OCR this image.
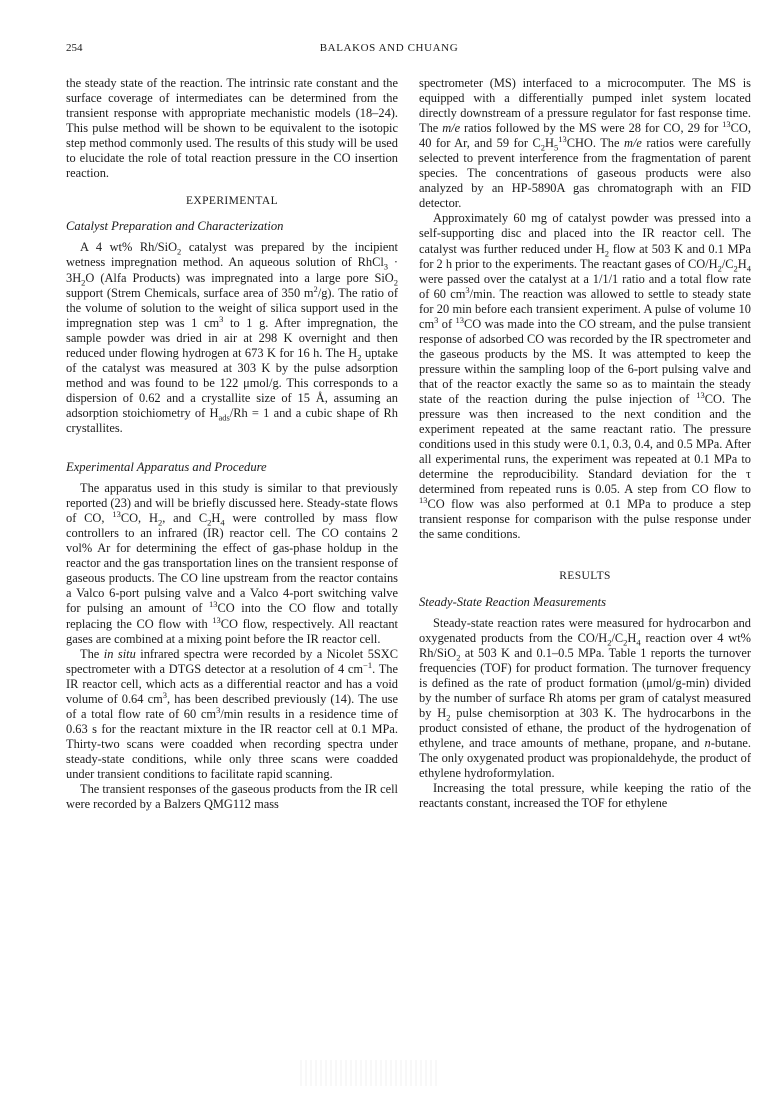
254	BALAKOS AND CHUANG

the steady state of the reaction. The intrinsic rate constant and the surface coverage of intermediates can be determined from the transient response with appropriate mechanistic models (18–24). This pulse method will be shown to be equivalent to the isotopic step method commonly used. The results of this study will be used to elucidate the role of total reaction pressure in the CO insertion reaction.

EXPERIMENTAL
Catalyst Preparation and Characterization

A 4 wt% Rh/SiO$_2$ catalyst was prepared by the incipient wetness impregnation method. An aqueous solution of RhCl$_3$ · $3H_2O$ (Alfa Products) was impregnated into a large pore SiO$_2$ support (Strem Chemicals, surface area of 350 $m^2/g$). The ratio of the volume of solution to the weight of silica support used in the impregnation step was 1 $cm^3$ to 1 g. After impregnation, the sample powder was dried in air at 298 K overnight and then reduced under flowing hydrogen at 673 K for 16 h. The $H_2$ uptake of the catalyst was measured at 303 K by the pulse adsorption method and was found to be 122 μmol/g. This corresponds to a dispersion of 0.62 and a crystallite size of 15 Å, assuming an adsorption stoichiometry of $H_{ads}/Rh = 1$ and a cubic shape of Rh crystallites.

Experimental Apparatus and Procedure

The apparatus used in this study is similar to that previously reported (23) and will be briefly discussed here. Steady-state flows of CO, $^{13}$CO, $H_2$, and $C_2H_4$ were controlled by mass flow controllers to an infrared (IR) reactor cell. The CO contains 2 vol% Ar for determining the effect of gas-phase holdup in the reactor and the gas transportation lines on the transient response of gaseous products. The CO line upstream from the reactor contains a Valco 6-port pulsing valve and a Valco 4-port switching valve for pulsing an amount of $^{13}$CO into the CO flow and totally replacing the CO flow with $^{13}$CO flow, respectively. All reactant gases are combined at a mixing point before the IR reactor cell.

The in situ infrared spectra were recorded by a Nicolet 5SXC spectrometer with a DTGS detector at a resolution of 4 $cm^{-1}$. The IR reactor cell, which acts as a differential reactor and has a void volume of 0.64 $cm^3$, has been described previously (14). The use of a total flow rate of 60 $cm^3/\min$ results in a residence time of 0.63 s for the reactant mixture in the IR reactor cell at 0.1 MPa. Thirty-two scans were coadded when recording spectra under steady-state conditions, while only three scans were coadded under transient conditions to facilitate rapid scanning.

The transient responses of the gaseous products from the IR cell were recorded by a Balzers QMG112 mass

spectrometer (MS) interfaced to a microcomputer. The MS is equipped with a differentially pumped inlet system located directly downstream of a pressure regulator for fast response time. The m/e ratios followed by the MS were 28 for CO, 29 for $^{13}$CO, 40 for Ar, and 59 for $C_2H_5^{13}CHO$. The m/e ratios were carefully selected to prevent interference from the fragmentation of parent species. The concentrations of gaseous products were also analyzed by an HP-5890A gas chromatograph with an FID detector.

Approximately 60 mg of catalyst powder was pressed into a self-supporting disc and placed into the IR reactor cell. The catalyst was further reduced under $H_2$ flow at 503 K and 0.1 MPa for 2 h prior to the experiments. The reactant gases of $CO/H_2/C_2H_4$ were passed over the catalyst at a 1/1/1 ratio and a total flow rate of 60 $cm^3/\min$. The reaction was allowed to settle to steady state for 20 min before each transient experiment. A pulse of volume 10 $cm^3$ of $^{13}$CO was made into the CO stream, and the pulse transient response of adsorbed CO was recorded by the IR spectrometer and the gaseous products by the MS. It was attempted to keep the pressure within the sampling loop of the 6-port pulsing valve and that of the reactor exactly the same so as to maintain the steady state of the reaction during the pulse injection of $^{13}$CO. The pressure was then increased to the next condition and the experiment repeated at the same reactant ratio. The pressure conditions used in this study were 0.1, 0.3, 0.4, and 0.5 MPa. After all experimental runs, the experiment was repeated at 0.1 MPa to determine the reproducibility. Standard deviation for the τ determined from repeated runs is 0.05. A step from CO flow to $^{13}$CO flow was also performed at 0.1 MPa to produce a step transient response for comparison with the pulse response under the same conditions.

RESULTS
Steady-State Reaction Measurements

Steady-state reaction rates were measured for hydrocarbon and oxygenated products from the $CO/H_2/C_2H_4$ reaction over 4 wt% Rh/SiO$_2$ at 503 K and 0.1–0.5 MPa. Table 1 reports the turnover frequencies (TOF) for product formation. The turnover frequency is defined as the rate of product formation (μmol/g-min) divided by the number of surface Rh atoms per gram of catalyst measured by $H_2$ pulse chemisorption at 303 K. The hydrocarbons in the product consisted of ethane, the product of the hydrogenation of ethylene, and trace amounts of methane, propane, and n-butane. The only oxygenated product was propionaldehyde, the product of ethylene hydroformylation.

Increasing the total pressure, while keeping the ratio of the reactants constant, increased the TOF for ethylene
